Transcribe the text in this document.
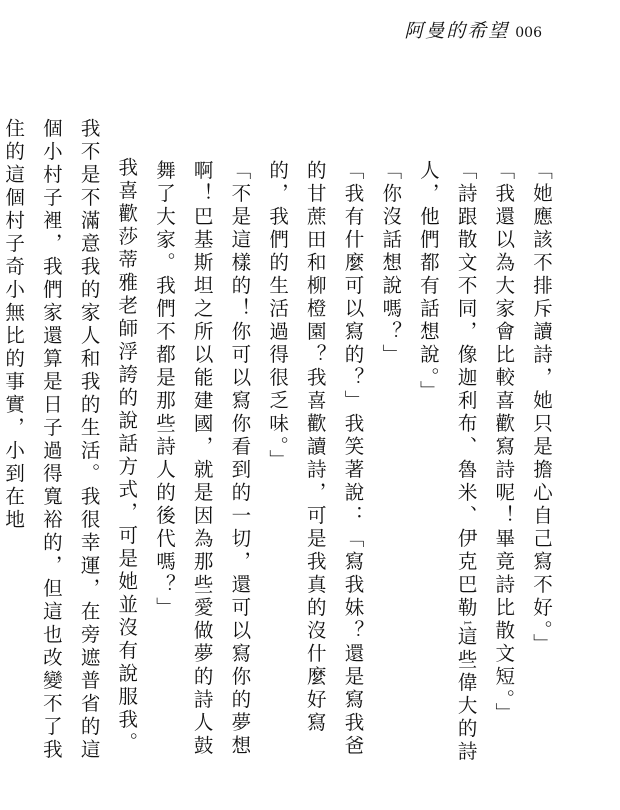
阿曼的希望 006

「她應該不排斥讀詩，她只是擔心自己寫不好。」

「我還以為大家會比較喜歡寫詩呢！畢竟詩比散文短。」

「詩跟散文不同，像迦利布、魯米、伊克巴勒1這些偉大的詩人，他們都有話想說。」

「你沒話想說嗎？」

「我有什麼可以寫的？」我笑著說：「寫我妹？還是寫我爸的甘蔗田和柳橙園？我喜歡讀詩，可是我真的沒什麼好寫的，我們的生活過得很乏味。」

「不是這樣的！你可以寫你看到的一切，還可以寫你的夢想啊！巴基斯坦之所以能建國，就是因為那些愛做夢的詩人鼓舞了大家。我們不都是那些詩人的後代嗎？」

我喜歡莎蒂雅老師浮誇的說話方式，可是她並沒有說服我。我不是不滿意我的家人和我的生活。我很幸運，在旁遮普省的這個小村子裡，我們家還算是日子過得寬裕的，但這也改變不了我住的這個村子奇小無比的事實，小到在地
